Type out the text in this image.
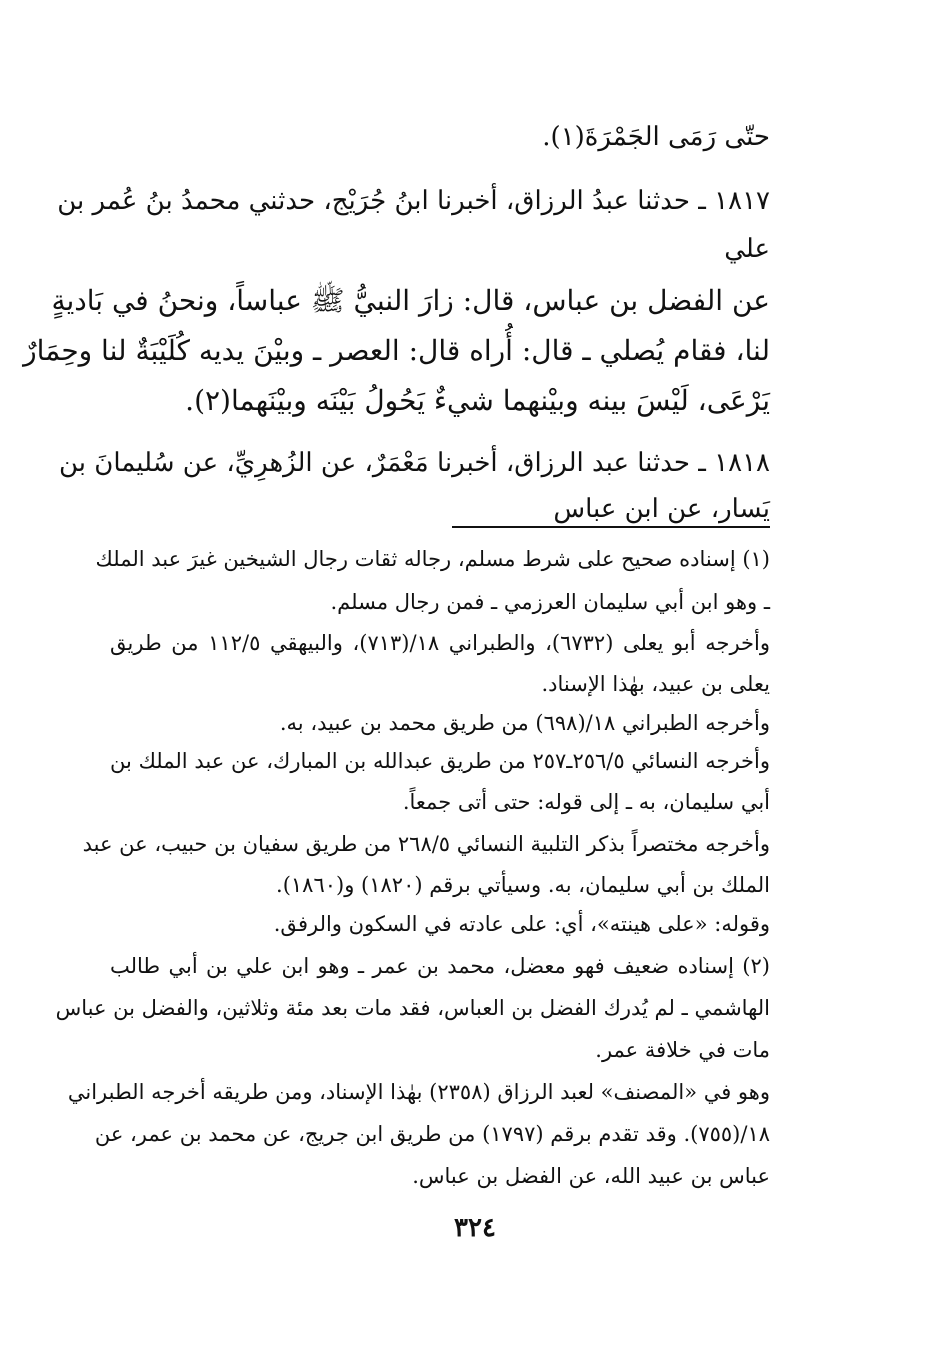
حتّى رَمَى الجَمْرَةَ(١).
١٨١٧ ـ حدثنا عبدُ الرزاق، أخبرنا ابنُ جُرَيْج، حدثني محمدُ بنُ عُمر بن
علي
عن الفضل بن عباس، قال: زارَ النبيُّ ﷺ عباساً، ونحنُ في بَاديةٍ
لنا، فقام يُصلي ـ قال: أُراه قال: العصر ـ وبيْنَ يديه كُلَيْبَةٌ لنا وحِمَارٌ
يَرْعَى، لَيْسَ بينه وبيْنهما شيءٌ يَحُولُ بَيْنَه وبيْنَهما(٢).
١٨١٨ ـ حدثنا عبد الرزاق، أخبرنا مَعْمَرٌ، عن الزُهرِيِّ، عن سُليمانَ بن
يَسار، عن ابن عباس
(١) إسناده صحيح على شرط مسلم، رجاله ثقات رجال الشيخين غيرَ عبد الملك
ـ وهو ابن أبي سليمان العرزمي ـ فمن رجال مسلم.
وأخرجه أبو يعلى (٦٧٣٢)، والطبراني ١٨/(٧١٣)، والبيهقي ١١٢/٥ من طريق
يعلى بن عبيد، بهٰذا الإسناد.
وأخرجه الطبراني ١٨/(٦٩٨) من طريق محمد بن عبيد، به.
وأخرجه النسائي ٢٥٦/٥ـ٢٥٧ من طريق عبدالله بن المبارك، عن عبد الملك بن
أبي سليمان، به ـ إلى قوله: حتى أتى جمعاً.
وأخرجه مختصراً بذكر التلبية النسائي ٢٦٨/٥ من طريق سفيان بن حبيب، عن عبد
الملك بن أبي سليمان، به. وسيأتي برقم (١٨٢٠) و(١٨٦٠).
وقوله: «على هينته»، أي: على عادته في السكون والرفق.
(٢) إسناده ضعيف فهو معضل، محمد بن عمر ـ وهو ابن علي بن أبي طالب
الهاشمي ـ لم يُدرك الفضل بن العباس، فقد مات بعد مئة وثلاثين، والفضل بن عباس
مات في خلافة عمر.
وهو في «المصنف» لعبد الرزاق (٢٣٥٨) بهٰذا الإسناد، ومن طريقه أخرجه الطبراني
١٨/(٧٥٥). وقد تقدم برقم (١٧٩٧) من طريق ابن جريج، عن محمد بن عمر، عن
عباس بن عبيد الله، عن الفضل بن عباس.
٣٢٤
